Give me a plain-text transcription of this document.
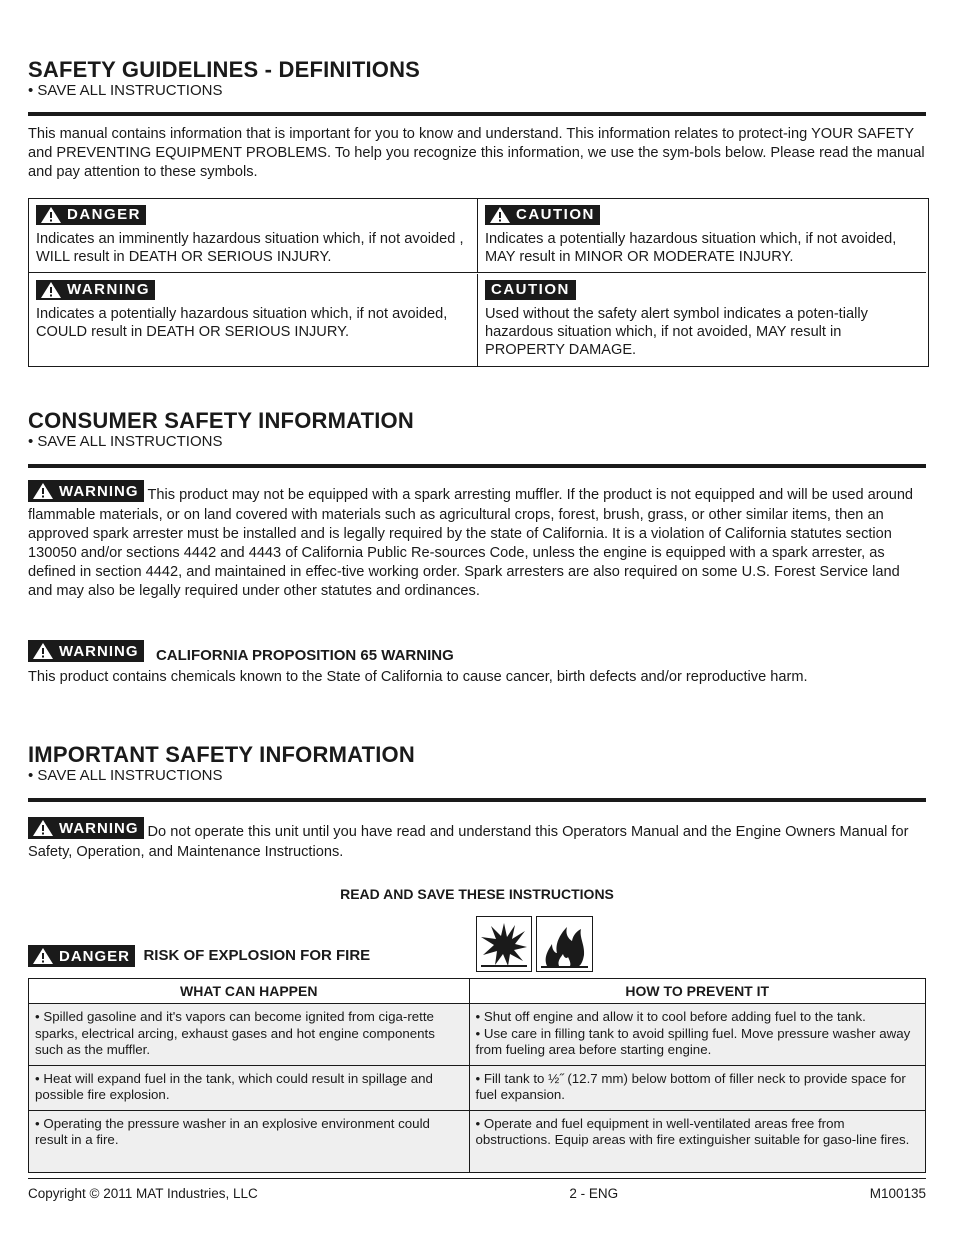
SAFETY GUIDELINES - DEFINITIONS
• SAVE ALL INSTRUCTIONS
This manual contains information that is important for you to know and understand. This information relates to protect-ing YOUR SAFETY and PREVENTING EQUIPMENT PROBLEMS. To help you recognize this information, we use the sym-bols below. Please read the manual and pay attention to these symbols.
DANGER
Indicates an imminently hazardous situation which, if not avoided , WILL result in DEATH OR SERIOUS INJURY.
CAUTION
Indicates a potentially hazardous situation which, if not avoided, MAY result in MINOR OR MODERATE INJURY.
WARNING
Indicates a potentially hazardous situation which, if not avoided, COULD result in DEATH OR SERIOUS INJURY.
CAUTION
Used without the safety alert symbol indicates a poten-tially hazardous situation which, if not avoided, MAY result in PROPERTY DAMAGE.
CONSUMER SAFETY INFORMATION
• SAVE ALL INSTRUCTIONS
WARNING This product may not be equipped with a spark arresting muffler. If the product is not equipped and will be used around flammable materials, or on land covered with materials such as agricultural crops, forest, brush, grass, or other similar items, then an approved spark arrester must be installed and is legally required by the state of California. It is a violation of California statutes section 130050 and/or sections 4442 and 4443 of California Public Re-sources Code, unless the engine is equipped with a spark arrester, as defined in section 4442, and maintained in effec-tive working order. Spark arresters are also required on some U.S. Forest Service land and may also be legally required under other statutes and ordinances.
WARNING CALIFORNIA PROPOSITION 65 WARNING
This product contains chemicals known to the State of California to cause cancer, birth defects and/or reproductive harm.
IMPORTANT SAFETY INFORMATION
• SAVE ALL INSTRUCTIONS
WARNING Do not operate this unit until you have read and understand this Operators Manual and the Engine Owners Manual for Safety, Operation, and Maintenance Instructions.
READ AND SAVE THESE INSTRUCTIONS
DANGER RISK OF EXPLOSION FOR FIRE
WHAT CAN HAPPEN	HOW TO PREVENT IT
• Spilled gasoline and it's vapors can become ignited from ciga-rette sparks, electrical arcing, exhaust gases and hot engine components such as the muffler.	• Shut off engine and allow it to cool before adding fuel to the tank.
• Use care in filling tank to avoid spilling fuel. Move pressure washer away from fueling area before starting engine.
• Heat will expand fuel in the tank, which could result in spillage and possible fire explosion.	• Fill tank to ½˝ (12.7 mm) below bottom of filler neck to provide space for fuel expansion.
• Operating the pressure washer in an explosive environment could result in a fire.	• Operate and fuel equipment in well-ventilated areas free from obstructions. Equip areas with fire extinguisher suitable for gaso-line fires.
Copyright © 2011 MAT Industries, LLC	2 - ENG	M100135
